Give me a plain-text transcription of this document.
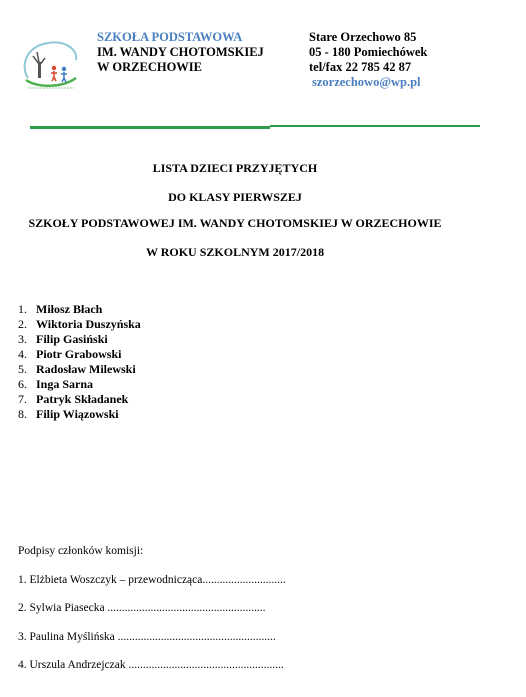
SZKOŁA PODSTAWOWA
IM. WANDY CHOTOMSKIEJ
W ORZECHOWIE
Stare Orzechowo 85
05 - 180 Pomiechówek
tel/fax 22 785 42 87
szorzechowo@wp.pl
LISTA DZIECI PRZYJĘTYCH
DO KLASY PIERWSZEJ
SZKOŁY PODSTAWOWEJ IM. WANDY CHOTOMSKIEJ W ORZECHOWIE
W ROKU SZKOLNYM 2017/2018
1. Miłosz Błach
2. Wiktoria Duszyńska
3. Filip Gasiński
4. Piotr Grabowski
5. Radosław Milewski
6. Inga Sarna
7. Patryk Składanek
8. Filip Wiązowski
Podpisy członków komisji:
1. Elżbieta Woszczyk – przewodnicząca.............................
2. Sylwia Piasecka .......................................................
3. Paulina Myślińska .......................................................
4. Urszula Andrzejczak ......................................................
